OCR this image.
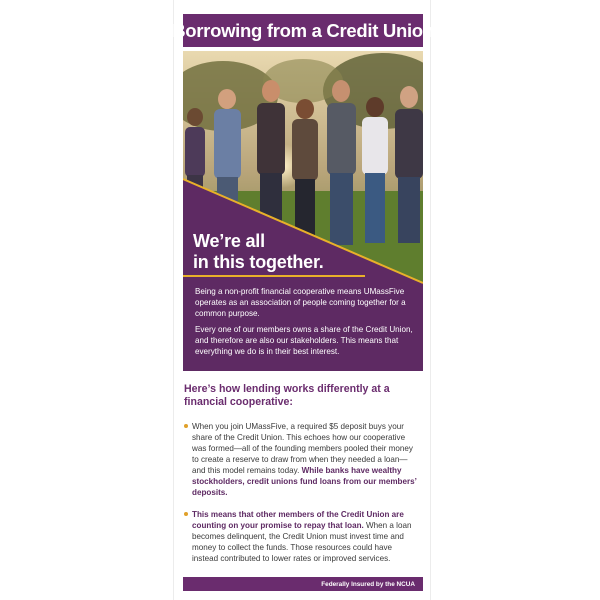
Borrowing from a Credit Union
We’re all
in this together.
Being a non-profit financial cooperative means UMassFive operates as an association of people coming together for a common purpose.
Every one of our members owns a share of the Credit Union, and therefore are also our stakeholders. This means that everything we do is in their best interest.
Here’s how lending works differently at a financial cooperative:
When you join UMassFive, a required $5 deposit buys your share of the Credit Union. This echoes how our cooperative was formed—all of the founding members pooled their money to create a reserve to draw from when they needed a loan—and this model remains today. While banks have wealthy stockholders, credit unions fund loans from our members’ deposits.
This means that other members of the Credit Union are counting on your promise to repay that loan. When a loan becomes delinquent, the Credit Union must invest time and money to collect the funds. Those resources could have instead contributed to lower rates or improved services.
Federally Insured by the NCUA
